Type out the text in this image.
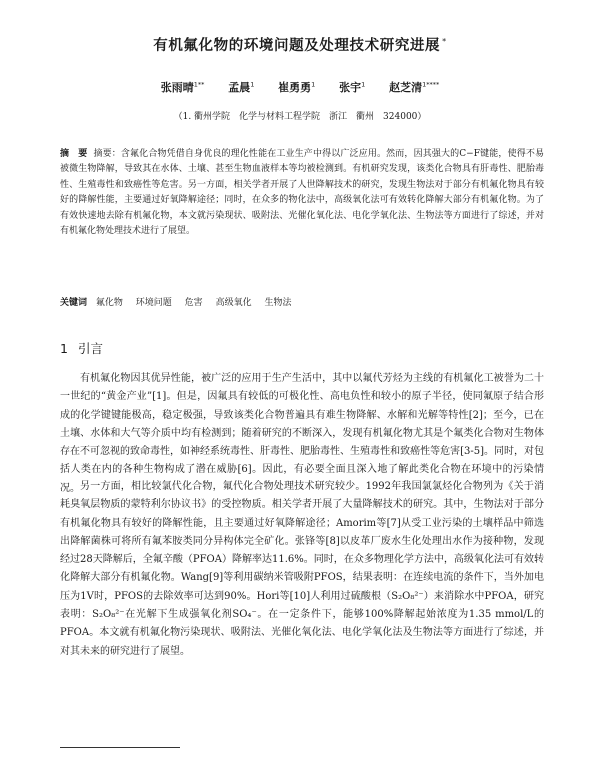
有机氟化物的环境问题及处理技术研究进展 *
张雨晴$^{1**}$ 孟晨$^1$ 崔勇勇$^1$ 张宇$^1$ 赵芝清$^{1****}$
（1. 衢州学院　化学与材料工程学院　浙江　衢州　324000）
摘　要 摘要：含氟化合物凭借自身优良的理化性能在工业生产中得以广泛应用。然而，因其强大的C−F键能，使得不易被微生物降解，导致其在水体、土壤、甚至生物血液样本等均被检测到。有机研究发现，该类化合物具有肝毒性、肥胎毒性、生殖毒性和致癌性等危害。另一方面，相关学者开展了人世降解技术的研究，发现生物法对于部分有机氟化物具有较好的降解性能，主要通过好氧降解途径；同时，在众多的物化法中，高级氧化法可有效转化降解大部分有机氟化物。为了有效快速地去除有机氟化物，本文就污染现状、吸附法、光催化氧化法、电化学氧化法、生物法等方面进行了综述，并对有机氟化物处理技术进行了展望。
关键词 氟化物 环境问题 危害 高级氧化 生物法
1 引言
有机氟化物因其优异性能，被广泛的应用于生产生活中，其中以氟代芳烃为主线的有机氟化工被誉为二十一世纪的“黄金产业”[1]。但是，因氟具有较低的可极化性、高电负性和较小的原子半径，使同氟原子结合形成的化学键键能极高，稳定极强，导致该类化合物普遍具有难生物降解、水解和光解等特性[2]；至今，已在土壤、水体和大气等介质中均有检测到；随着研究的不断深入，发现有机氟化物尤其是个氟类化合物对生物体存在不可忽视的致命毒性，如神经系统毒性、肝毒性、肥胎毒性、生殖毒性和致癌性等危害[3-5]。同时，对包括人类在内的各种生物构成了潜在威胁[6]。因此，有必要全面且深入地了解此类化合物在环境中的污染情况。 另一方面，相比较氯代化合物，氟代化合物处理技术研究较少。1992年我国氯氯烃化合物列为《关于消耗臭氧层物质的蒙特利尔协议书》的受控物质。相关学者开展了大量降解技术的研究。其中，生物法对于部分有机氟化物具有较好的降解性能，且主要通过好氧降解途径；Amorim等[7]从受工业污染的土壤样品中筛选出降解菌株可将所有氟苯胺类同分异构体完全矿化。张锋等[8]以皮革厂废水生化处理出水作为接种物，发现经过28天降解后，全氟辛酸（PFOA）降解率达11.6%。同时，在众多物理化学方法中，高级氧化法可有效转化降解大部分有机氟化物。Wang[9]等利用碳纳米管吸附PFOS，结果表明：在连续电流的条件下，当外加电压为1V时，PFOS的去除效率可达到90%。Hori等[10]人利用过硫酸根（S₂O₈²⁻）来消除水中PFOA，研究表明：S₂O₈²⁻在光解下生成强氧化剂SO₄⁻。在一定条件下，能够100%降解起始浓度为1.35 mmol/L的PFOA。本文就有机氟化物污染现状、吸附法、光催化氧化法、电化学氧化法及生物法等方面进行了综述，并对其未来的研究进行了展望。
